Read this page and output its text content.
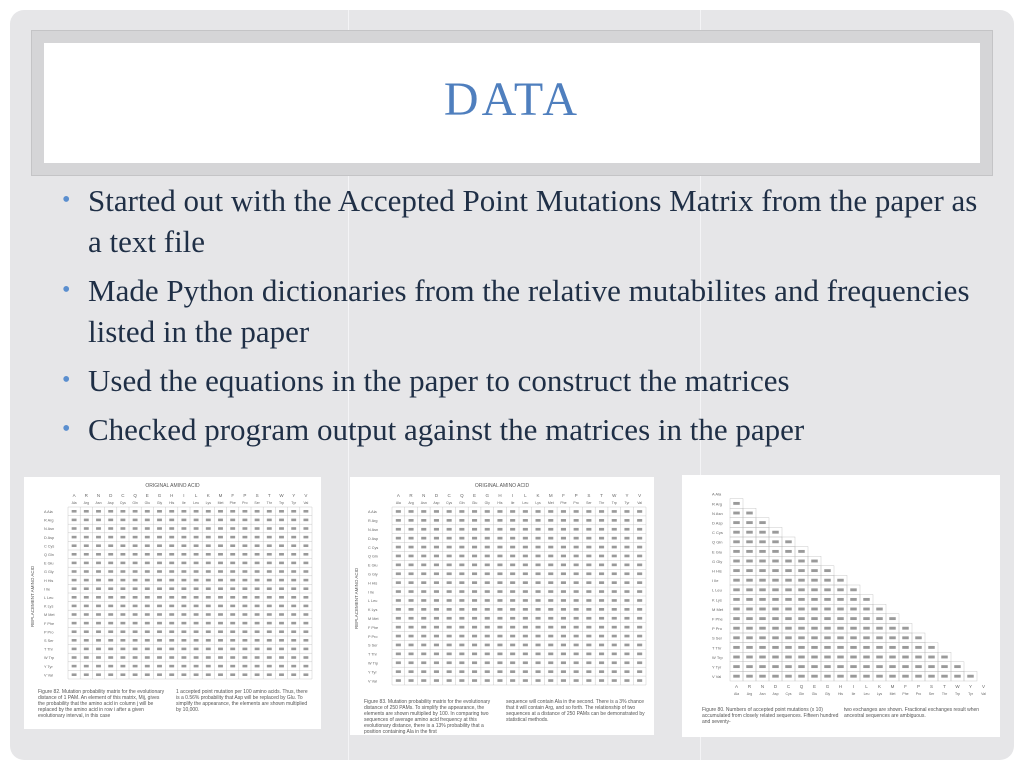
DATA
• Started out with the Accepted Point Mutations Matrix from the paper as a text file
• Made Python dictionaries from the relative mutabilites and frequencies listed in the paper
• Used the equations in the paper to construct the matrices
• Checked program output against the matrices in the paper
ORIGINAL AMINO ACID
REPLACEMENT AMINO ACID
A
Ala
A Ala
R
Arg
R Arg
N
Asn
N Asn
D
Asp
D Asp
C
Cys
C Cys
Q
Gln
Q Gln
E
Glu
E Glu
G
Gly
G Gly
H
His
H His
I
Ile
I Ile
L
Leu
L Leu
K
Lys
K Lys
M
Met
M Met
F
Phe
F Phe
P
Pro
P Pro
S
Ser
S Ser
T
Thr
T Thr
W
Trp
W Trp
Y
Tyr
Y Tyr
V
Val
V Val
Figure 82. Mutation probability matrix for the evolutionary distance of 1 PAM. An element of this matrix, Mij, gives the probability that the amino acid in column j will be replaced by the amino acid in row i after a given evolutionary interval, in this case
1 accepted point mutation per 100 amino acids. Thus, there is a 0.56% probability that Asp will be replaced by Glu. To simplify the appearance, the elements are shown multiplied by 10,000.
ORIGINAL AMINO ACID
REPLACEMENT AMINO ACID
A
Ala
A Ala
R
Arg
R Arg
N
Asn
N Asn
D
Asp
D Asp
C
Cys
C Cys
Q
Gln
Q Gln
E
Glu
E Glu
G
Gly
G Gly
H
His
H His
I
Ile
I Ile
L
Leu
L Leu
K
Lys
K Lys
M
Met
M Met
F
Phe
F Phe
P
Pro
P Pro
S
Ser
S Ser
T
Thr
T Thr
W
Trp
W Trp
Y
Tyr
Y Tyr
V
Val
V Val
Figure 83. Mutation probability matrix for the evolutionary distance of 250 PAMs. To simplify the appearance, the elements are shown multiplied by 100. In comparing two sequences of average amino acid frequency at this evolutionary distance, there is a 13% probability that a position containing Ala in the first
sequence will contain Ala in the second. There is a 3% chance that it will contain Arg, and so forth. The relationship of two sequences at a distance of 250 PAMs can be demonstrated by statistical methods.
A Ala
A
Ala
R Arg
R
Arg
N Asn
N
Asn
D Asp
D
Asp
C Cys
C
Cys
Q Gln
Q
Gln
E Glu
E
Glu
G Gly
G
Gly
H His
H
His
I Ile
I
Ile
L Leu
L
Leu
K Lys
K
Lys
M Met
M
Met
F Phe
F
Phe
P Pro
P
Pro
S Ser
S
Ser
T Thr
T
Thr
W Trp
W
Trp
Y Tyr
Y
Tyr
V Val
V
Val
Figure 80. Numbers of accepted point mutations (x 10) accumulated from closely related sequences. Fifteen hundred and seventy-
two exchanges are shown. Fractional exchanges result when ancestral sequences are ambiguous.
